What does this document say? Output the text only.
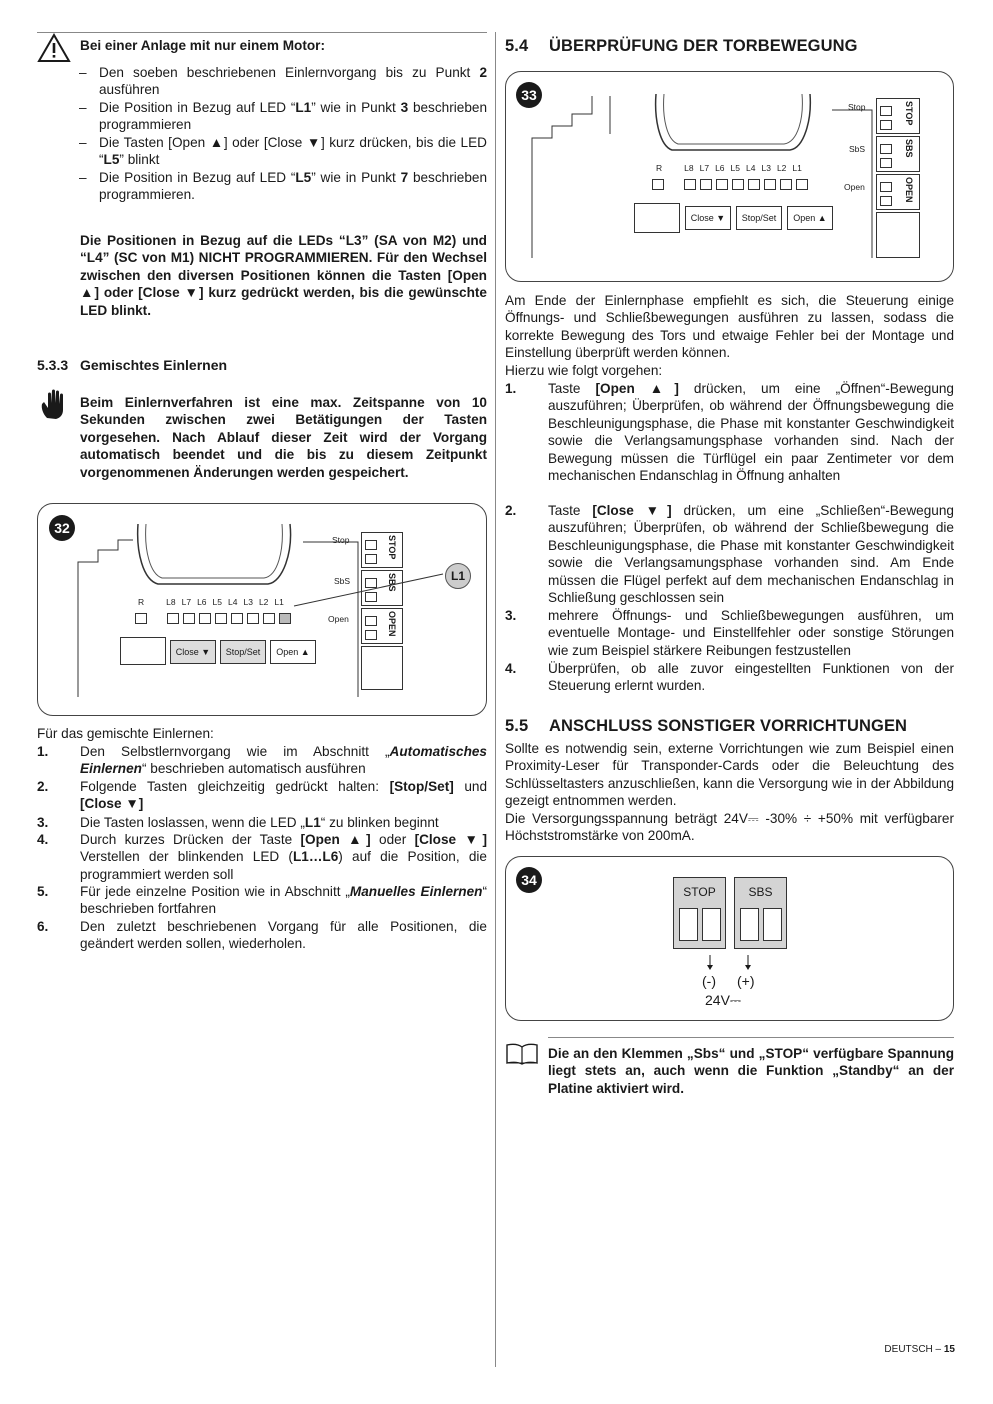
Bei einer Anlage mit nur einem Motor:
– Den soeben beschriebenen Einlernvorgang bis zu Punkt 2 ausführen
– Die Position in Bezug auf LED “L1” wie in Punkt 3 beschrieben programmieren
– Die Tasten [Open ▲] oder [Close ▼] kurz drücken, bis die LED “L5” blinkt
– Die Position in Bezug auf LED “L5” wie in Punkt 7 beschrieben programmieren.
Die Positionen in Bezug auf die LEDs “L3” (SA von M2) und “L4” (SC von M1) NICHT PROGRAMMIEREN. Für den Wechsel zwischen den diversen Positionen können die Tasten [Open ▲] oder [Close ▼] kurz gedrückt werden, bis die gewünschte LED blinkt.
5.3.3 Gemischtes Einlernen
Beim Einlernverfahren ist eine max. Zeitspanne von 10 Sekunden zwischen zwei Betätigungen der Tasten vorgesehen. Nach Ablauf dieser Zeit wird der Vorgang automatisch beendet und die bis zu diesem Zeitpunkt vorgenommenen Änderungen werden gespeichert.
32
R	L8 L7 L6 L5 L4 L3 L2 L1
Close ▼	Stop/Set	Open ▲
Stop
SbS
Open
STOP
SBS
OPEN
L1
Für das gemischte Einlernen:
1. Den Selbstlernvorgang wie im Abschnitt „Automatisches Einlernen“ beschrieben automatisch ausführen
2. Folgende Tasten gleichzeitig gedrückt halten: [Stop/Set] und [Close ▼]
3. Die Tasten loslassen, wenn die LED „L1“ zu blinken beginnt
4. Durch kurzes Drücken der Taste [Open ▲] oder [Close ▼] Verstellen der blinkenden LED (L1…L6) auf die Position, die programmiert werden soll
5. Für jede einzelne Position wie in Abschnitt „Manuelles Einlernen“ beschrieben fortfahren
6. Den zuletzt beschriebenen Vorgang für alle Positionen, die geändert werden sollen, wiederholen.
5.4 ÜBERPRÜFUNG DER TORBEWEGUNG
33
R	L8 L7 L6 L5 L4 L3 L2 L1
Close ▼	Stop/Set	Open ▲
Stop
SbS
Open
STOP
SBS
OPEN
Am Ende der Einlernphase empfiehlt es sich, die Steuerung einige Öffnungs- und Schließbewegungen ausführen zu lassen, sodass die korrekte Bewegung des Tors und etwaige Fehler bei der Montage und Einstellung überprüft werden können.
Hierzu wie folgt vorgehen:
1. Taste [Open ▲] drücken, um eine „Öffnen“-Bewegung auszuführen; Überprüfen, ob während der Öffnungsbewegung die Beschleunigungsphase, die Phase mit konstanter Geschwindigkeit sowie die Verlangsamungsphase vorhanden sind. Nach der Bewegung müssen die Türflügel ein paar Zentimeter vor dem mechanischen Endanschlag in Öffnung anhalten
2. Taste [Close ▼] drücken, um eine „Schließen“-Bewegung auszuführen; Überprüfen, ob während der Schließbewegung die Beschleunigungsphase, die Phase mit konstanter Geschwindigkeit sowie die Verlangsamungsphase vorhanden sind. Am Ende müssen die Flügel perfekt auf dem mechanischen Endanschlag in Schließung geschlossen sein
3. mehrere Öffnungs- und Schließbewegungen ausführen, um eventuelle Montage- und Einstellfehler oder sonstige Störungen wie zum Beispiel stärkere Reibungen festzustellen
4. Überprüfen, ob alle zuvor eingestellten Funktionen von der Steuerung erlernt wurden.
5.5 ANSCHLUSS SONSTIGER VORRICHTUNGEN
Sollte es notwendig sein, externe Vorrichtungen wie zum Beispiel einen Proximity-Leser für Transponder-Cards oder die Beleuchtung des Schlüsseltasters anzuschließen, kann die Versorgung wie in der Abbildung gezeigt entnommen werden.
Die Versorgungsspannung beträgt 24V⎓ -30% ÷ +50% mit verfügbarer Höchststromstärke von 200mA.
34
STOP	SBS
(-) (+)
24V⎓
Die an den Klemmen „Sbs“ und „STOP“ verfügbare Spannung liegt stets an, auch wenn die Funktion „Standby“ an der Platine aktiviert wird.
DEUTSCH – 15
